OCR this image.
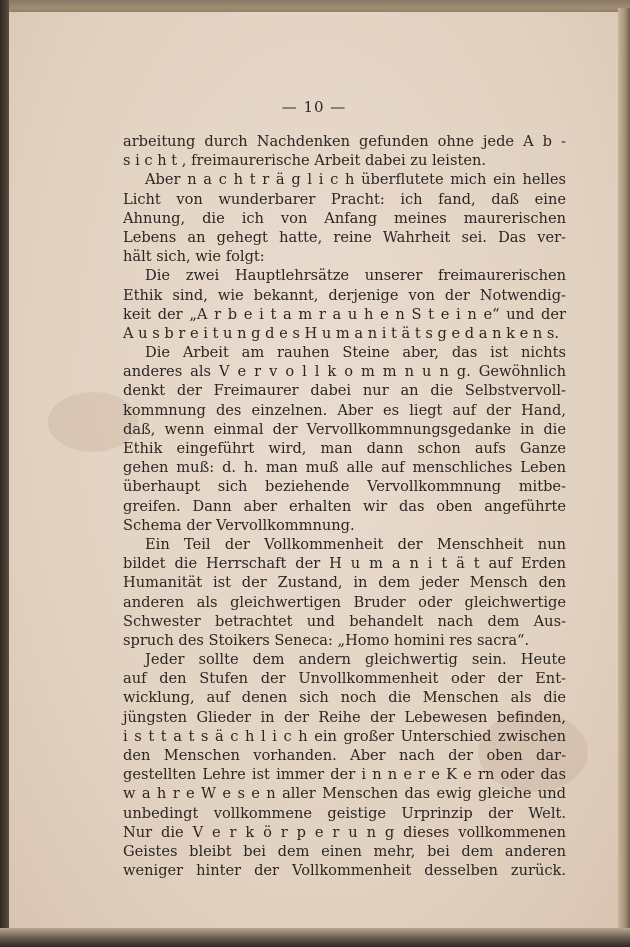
— 10 —
arbeitung durch Nachdenken gefunden ohne jede A b -
s i c h t , freimaurerische Arbeit dabei zu leisten.
Aber n a c h t r ä g l i c h überflutete mich ein helles
Licht von wunderbarer Pracht: ich fand, daß eine
Ahnung, die ich von Anfang meines maurerischen
Lebens an gehegt hatte, reine Wahrheit sei. Das ver-
hält sich, wie folgt:
Die zwei Hauptlehrsätze unserer freimaurerischen
Ethik sind, wie bekannt, derjenige von der Notwendig-
keit der „A r b e i t a m r a u h e n S t e i n e“ und der
A u s b r e i t u n g d e s H u m a n i t ä t s g e d a n k e n s.
Die Arbeit am rauhen Steine aber, das ist nichts
anderes als V e r v o l l k o m m n u n g. Gewöhnlich
denkt der Freimaurer dabei nur an die Selbstvervoll-
kommnung des einzelnen. Aber es liegt auf der Hand,
daß, wenn einmal der Vervollkommnungsgedanke in die
Ethik eingeführt wird, man dann schon aufs Ganze
gehen muß: d. h. man muß alle auf menschliches Leben
überhaupt sich beziehende Vervollkommnung mitbe-
greifen. Dann aber erhalten wir das oben angeführte
Schema der Vervollkommnung.
Ein Teil der Vollkommenheit der Menschheit nun
bildet die Herrschaft der H u m a n i t ä t auf Erden
Humanität ist der Zustand, in dem jeder Mensch den
anderen als gleichwertigen Bruder oder gleichwertige
Schwester betrachtet und behandelt nach dem Aus-
spruch des Stoikers Seneca: „Homo homini res sacra“.
Jeder sollte dem andern gleichwertig sein. Heute
auf den Stufen der Unvollkommenheit oder der Ent-
wicklung, auf denen sich noch die Menschen als die
jüngsten Glieder in der Reihe der Lebewesen befinden,
i s t t a t s ä c h l i c h ein großer Unterschied zwischen
den Menschen vorhanden. Aber nach der oben dar-
gestellten Lehre ist immer der i n n e r e K e rn oder das
w a h r e W e s e n aller Menschen das ewig gleiche und
unbedingt vollkommene geistige Urprinzip der Welt.
Nur die V e r k ö r p e r u n g dieses vollkommenen
Geistes bleibt bei dem einen mehr, bei dem anderen
weniger hinter der Vollkommenheit desselben zurück.
